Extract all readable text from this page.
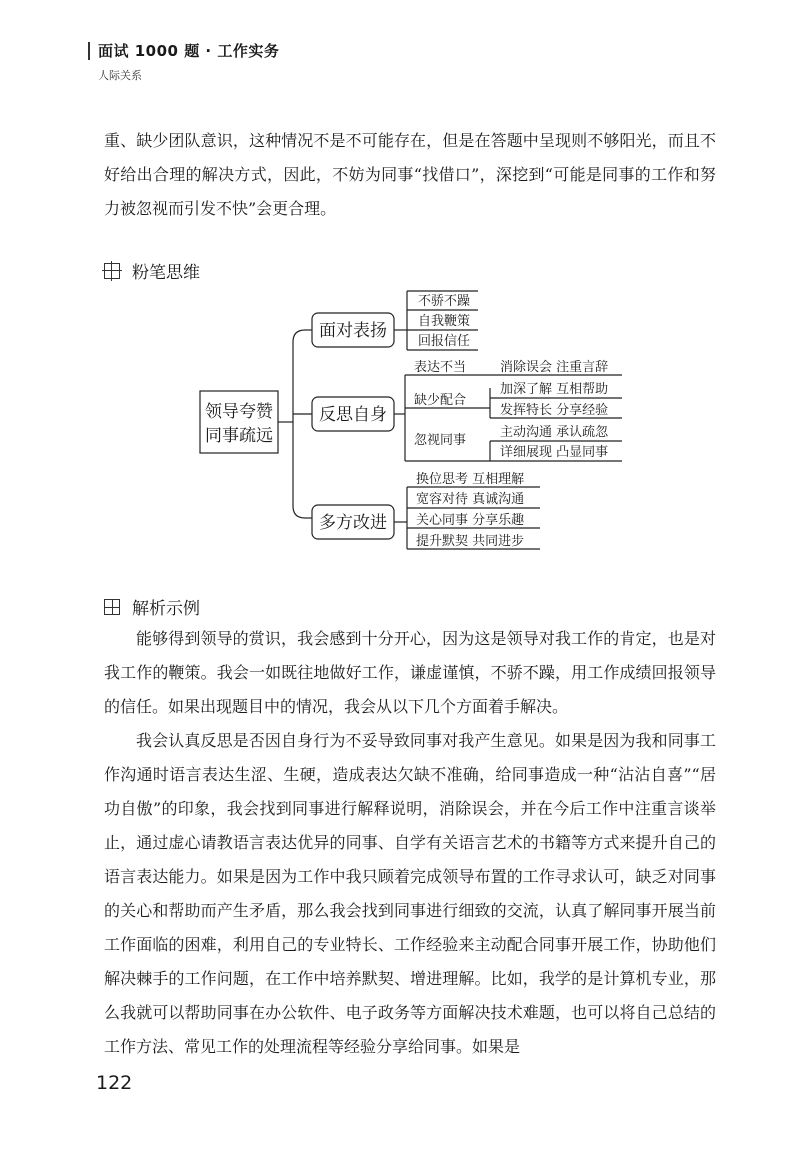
面试 1000 题 · 工作实务
人际关系
重、缺少团队意识，这种情况不是不可能存在，但是在答题中呈现则不够阳光，而且不好给出合理的解决方式，因此，不妨为同事“找借口”，深挖到“可能是同事的工作和努力被忽视而引发不快”会更合理。
粉笔思维
领导夸赞
同事疏远
面对表扬
反思自身
多方改进
不骄不躁
自我鞭策
回报信任
表达不当
缺少配合
忽视同事
消除误会 注重言辞
加深了解 互相帮助
发挥特长 分享经验
主动沟通 承认疏忽
详细展现 凸显同事
换位思考 互相理解
宽容对待 真诚沟通
关心同事 分享乐趣
提升默契 共同进步
解析示例
能够得到领导的赏识，我会感到十分开心，因为这是领导对我工作的肯定，也是对我工作的鞭策。我会一如既往地做好工作，谦虚谨慎，不骄不躁，用工作成绩回报领导的信任。如果出现题目中的情况，我会从以下几个方面着手解决。
我会认真反思是否因自身行为不妥导致同事对我产生意见。如果是因为我和同事工作沟通时语言表达生涩、生硬，造成表达欠缺不准确，给同事造成一种“沾沾自喜”“居功自傲”的印象，我会找到同事进行解释说明，消除误会，并在今后工作中注重言谈举止，通过虚心请教语言表达优异的同事、自学有关语言艺术的书籍等方式来提升自己的语言表达能力。如果是因为工作中我只顾着完成领导布置的工作寻求认可，缺乏对同事的关心和帮助而产生矛盾，那么我会找到同事进行细致的交流，认真了解同事开展当前工作面临的困难，利用自己的专业特长、工作经验来主动配合同事开展工作，协助他们解决棘手的工作问题，在工作中培养默契、增进理解。比如，我学的是计算机专业，那么我就可以帮助同事在办公软件、电子政务等方面解决技术难题，也可以将自己总结的工作方法、常见工作的处理流程等经验分享给同事。如果是
122
